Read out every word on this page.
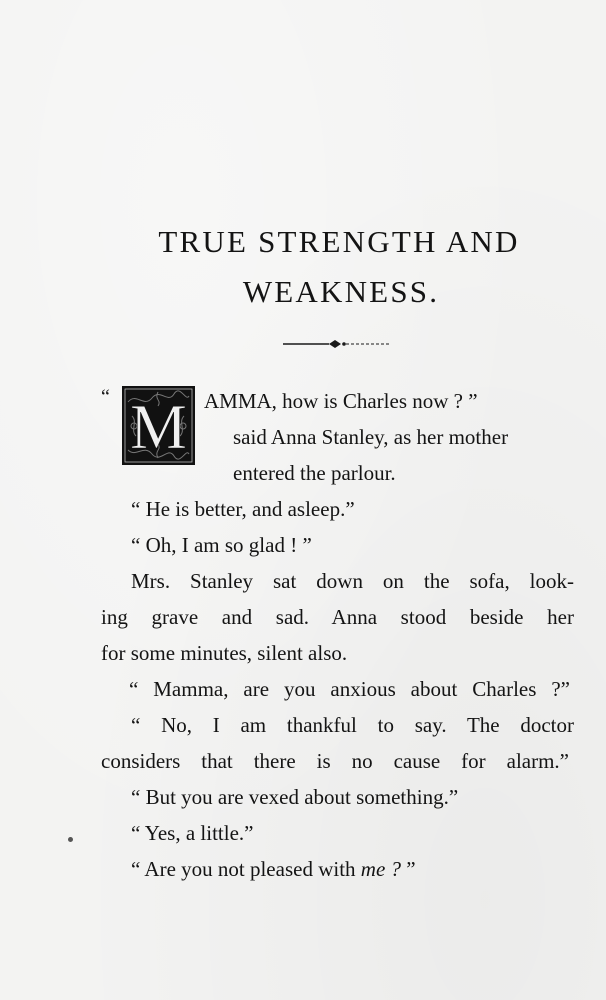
TRUE STRENGTH AND
WEAKNESS.
“ M AMMA, how is Charles now ? ”
said Anna Stanley, as her mother
entered the parlour.
“ He is better, and asleep.”
“ Oh, I am so glad ! ”
Mrs. Stanley sat down on the sofa, look-
ing grave and sad. Anna stood beside her
for some minutes, silent also.
“ Mamma, are you anxious about Charles ?”
“ No, I am thankful to say. The doctor
considers that there is no cause for alarm.”
“ But you are vexed about something.”
“ Yes, a little.”
“ Are you not pleased with me ? ”
